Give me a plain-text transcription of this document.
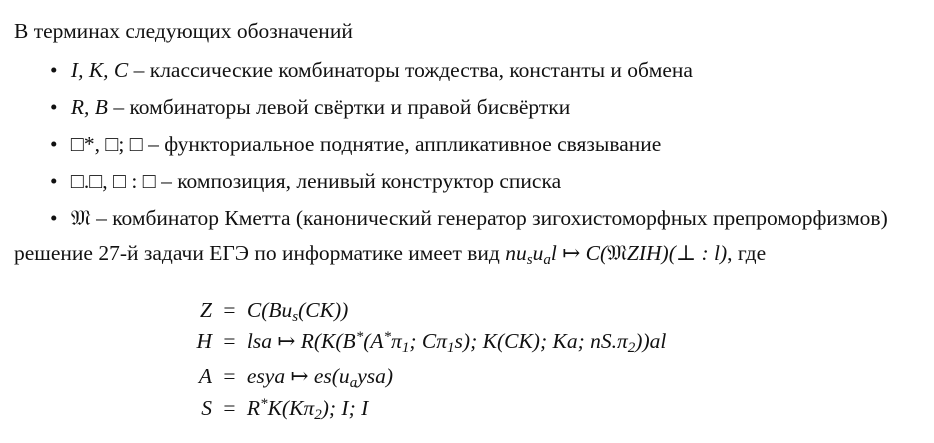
В терминах следующих обозначений
• I, K, C – классические комбинаторы тождества, константы и обмена
• R, B – комбинаторы левой свёртки и правой бисвёртки
• □*, □; □ – функториальное поднятие, аппликативное связывание
• □.□, □ : □ – композиция, ленивый конструктор списка
• 𝔐 – комбинатор Кметта (канонический генератор зигохистоморфных препроморфизмов)
решение 27-й задачи ЕГЭ по информатике имеет вид $nu_su_al$ ↦ C(𝔐ZIH)(⊥ : l), где
$Z = C(Bu_s(CK))$
H = lsa ↦ $R(K(B^*(A^*\pi_1$; $C\pi_1s$); K(CK); Ka; $nS.\pi_2))al$
A = esya ↦ $es(u_aysa)$
$S = R^*K(K\pi_2)$; I; I
